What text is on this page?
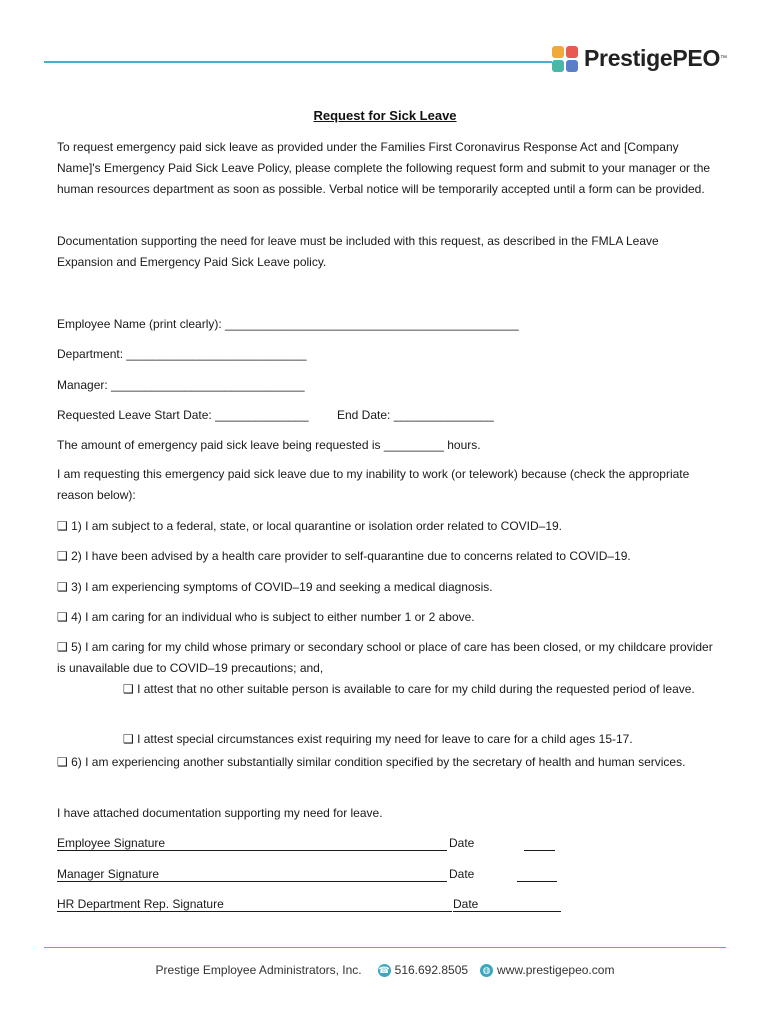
PrestigePEO ™
Request for Sick Leave
To request emergency paid sick leave as provided under the Families First Coronavirus Response Act and [Company Name]'s Emergency Paid Sick Leave Policy, please complete the following request form and submit to your manager or the human resources department as soon as possible. Verbal notice will be temporarily accepted until a form can be provided.
Documentation supporting the need for leave must be included with this request, as described in the FMLA Leave Expansion and Emergency Paid Sick Leave policy.
Employee Name (print clearly): ____________________________________________
Department: ___________________________
Manager: _____________________________
Requested Leave Start Date: ______________ End Date: _______________
The amount of emergency paid sick leave being requested is _________ hours.
I am requesting this emergency paid sick leave due to my inability to work (or telework) because (check the appropriate reason below):
❑ 1) I am subject to a federal, state, or local quarantine or isolation order related to COVID–19.
❑ 2) I have been advised by a health care provider to self-quarantine due to concerns related to COVID–19.
❑ 3) I am experiencing symptoms of COVID–19 and seeking a medical diagnosis.
❑ 4) I am caring for an individual who is subject to either number 1 or 2 above.
❑ 5) I am caring for my child whose primary or secondary school or place of care has been closed, or my childcare provider is unavailable due to COVID–19 precautions; and,
❑ I attest that no other suitable person is available to care for my child during the requested period of leave.
❑ I attest special circumstances exist requiring my need for leave to care for a child ages 15-17.
❑ 6) I am experiencing another substantially similar condition specified by the secretary of health and human services.
I have attached documentation supporting my need for leave.
Employee Signature	Date
Manager Signature	Date
HR Department Rep. Signature	Date
Prestige Employee Administrators, Inc. ☎ 516.692.8505 ◍ www.prestigepeo.com
